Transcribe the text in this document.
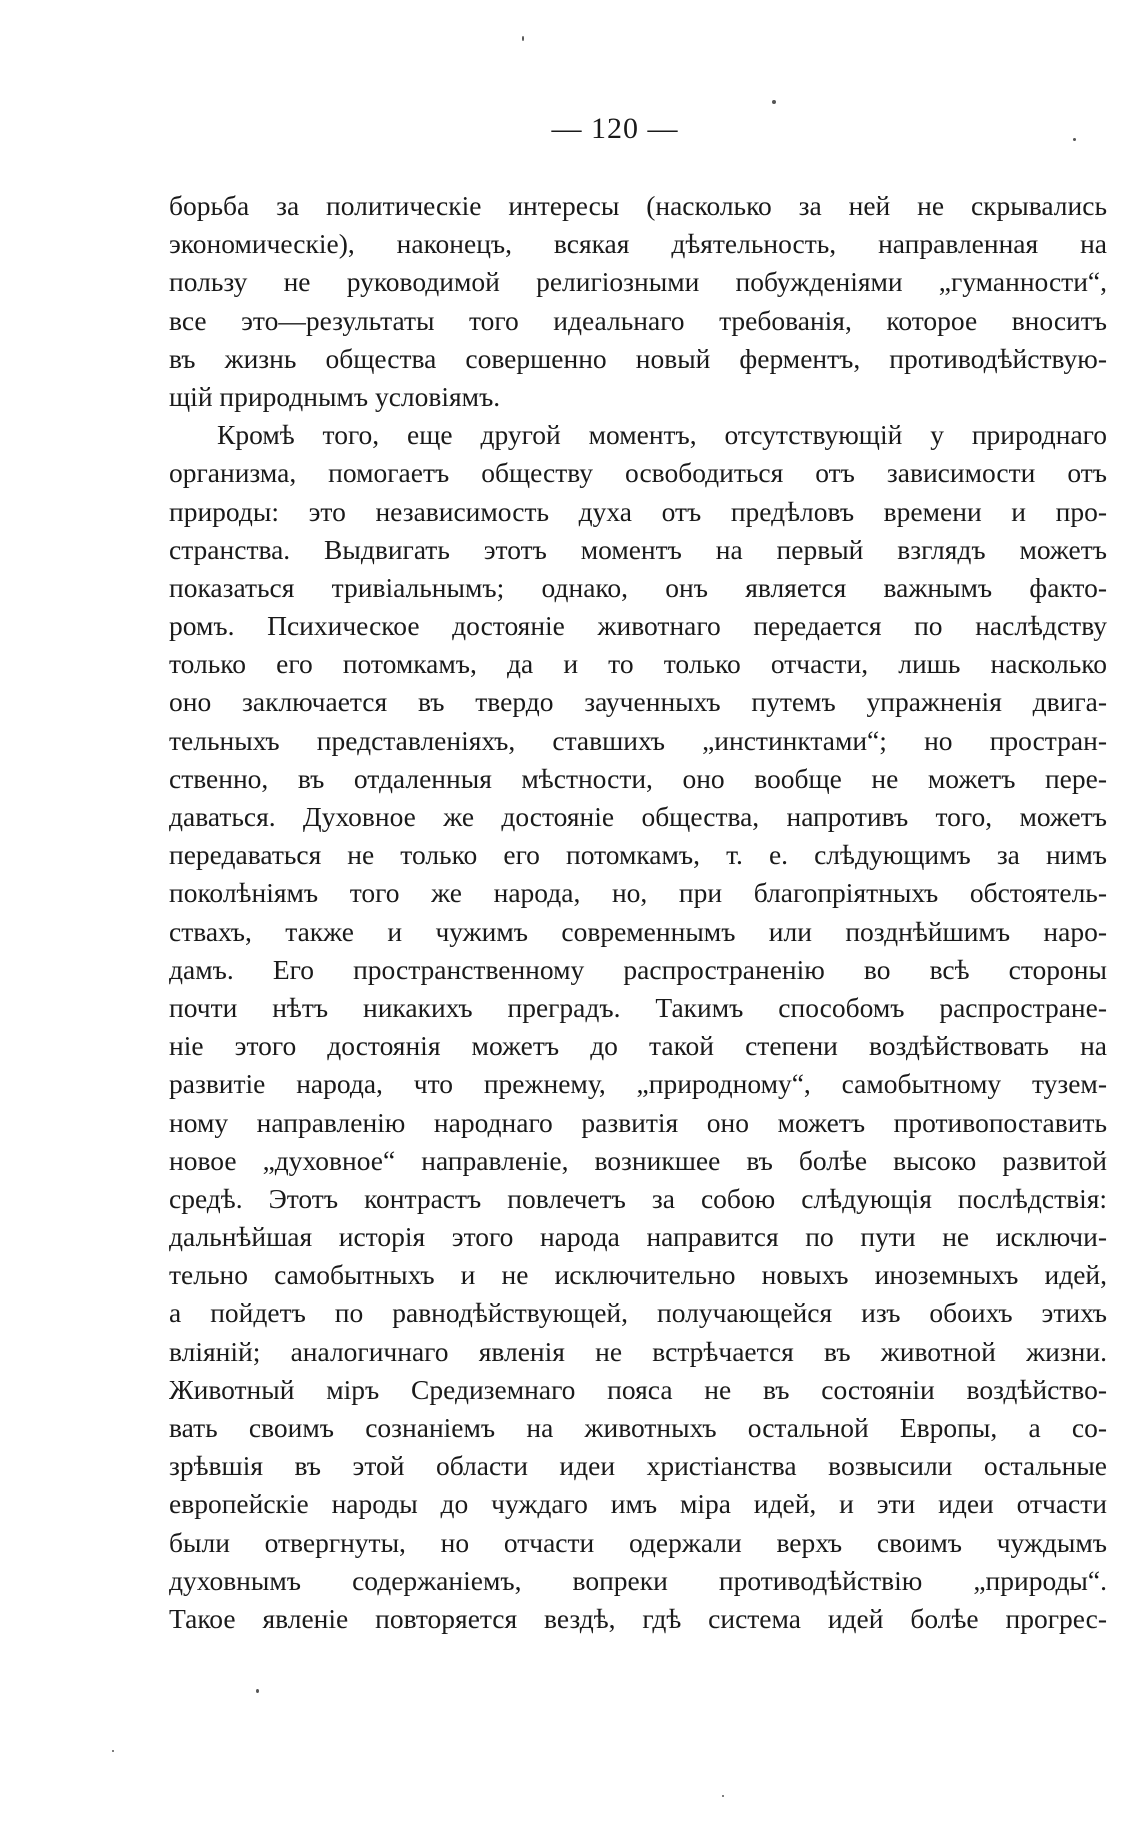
— 120 —
борьба за политическіе интересы (насколько за ней не скрывались
экономическіе), наконецъ, всякая дѣятельность, направленная на
пользу не руководимой религіозными побужденіями „гуманности“,
все это—результаты того идеальнаго требованія, которое вноситъ
въ жизнь общества совершенно новый ферментъ, противодѣйствую-
щій природнымъ условіямъ.
Кромѣ того, еще другой моментъ, отсутствующій у природнаго
организма, помогаетъ обществу освободиться отъ зависимости отъ
природы: это независимость духа отъ предѣловъ времени и про-
странства. Выдвигать этотъ моментъ на первый взглядъ можетъ
показаться тривіальнымъ; однако, онъ является важнымъ факто-
ромъ. Психическое достояніе животнаго передается по наслѣдству
только его потомкамъ, да и то только отчасти, лишь насколько
оно заключается въ твердо заученныхъ путемъ упражненія двига-
тельныхъ представленіяхъ, ставшихъ „инстинктами“; но простран-
ственно, въ отдаленныя мѣстности, оно вообще не можетъ пере-
даваться. Духовное же достояніе общества, напротивъ того, можетъ
передаваться не только его потомкамъ, т. е. слѣдующимъ за нимъ
поколѣніямъ того же народа, но, при благопріятныхъ обстоятель-
ствахъ, также и чужимъ современнымъ или позднѣйшимъ наро-
дамъ. Его пространственному распространенію во всѣ стороны
почти нѣтъ никакихъ преградъ. Такимъ способомъ распростране-
ніе этого достоянія можетъ до такой степени воздѣйствовать на
развитіе народа, что прежнему, „природному“, самобытному тузем-
ному направленію народнаго развитія оно можетъ противопоставить
новое „духовное“ направленіе, возникшее въ болѣе высоко развитой
средѣ. Этотъ контрастъ повлечетъ за собою слѣдующія послѣдствія:
дальнѣйшая исторія этого народа направится по пути не исключи-
тельно самобытныхъ и не исключительно новыхъ иноземныхъ идей,
а пойдетъ по равнодѣйствующей, получающейся изъ обоихъ этихъ
вліяній; аналогичнаго явленія не встрѣчается въ животной жизни.
Животный міръ Средиземнаго пояса не въ состояніи воздѣйство-
вать своимъ сознаніемъ на животныхъ остальной Европы, а со-
зрѣвшія въ этой области идеи христіанства возвысили остальные
европейскіе народы до чуждаго имъ міра идей, и эти идеи отчасти
были отвергнуты, но отчасти одержали верхъ своимъ чуждымъ
духовнымъ содержаніемъ, вопреки противодѣйствію „природы“.
Такое явленіе повторяется вездѣ, гдѣ система идей болѣе прогрес-
